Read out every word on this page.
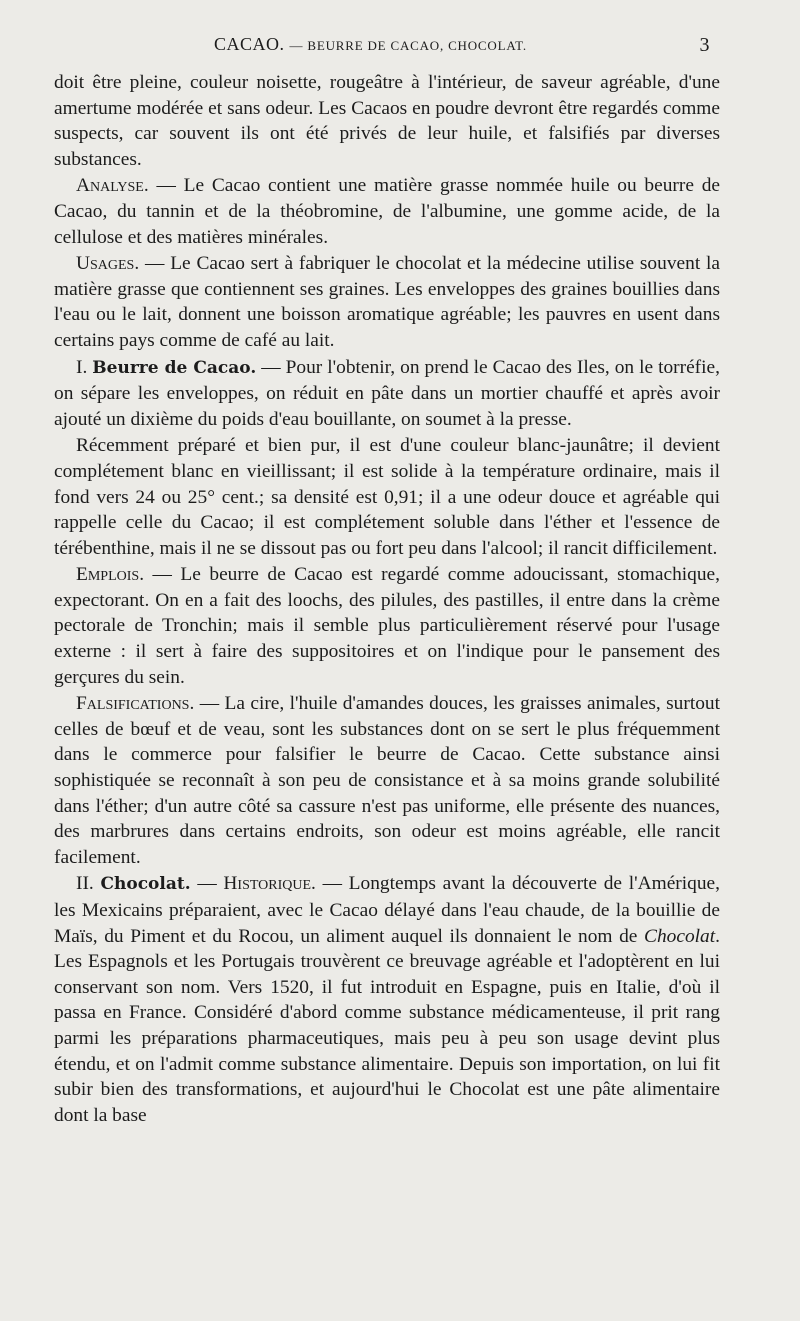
CACAO. — BEURRE DE CACAO, CHOCOLAT.	3

doit être pleine, couleur noisette, rougeâtre à l'intérieur, de saveur agréable, d'une amertume modérée et sans odeur. Les Cacaos en poudre devront être regardés comme suspects, car souvent ils ont été privés de leur huile, et falsifiés par diverses substances.

Analyse. — Le Cacao contient une matière grasse nommée huile ou beurre de Cacao, du tannin et de la théobromine, de l'albumine, une gomme acide, de la cellulose et des matières minérales.

Usages. — Le Cacao sert à fabriquer le chocolat et la médecine utilise souvent la matière grasse que contiennent ses graines. Les enveloppes des graines bouillies dans l'eau ou le lait, donnent une boisson aromatique agréable; les pauvres en usent dans certains pays comme de café au lait.

I. Beurre de Cacao. — Pour l'obtenir, on prend le Cacao des Iles, on le torréfie, on sépare les enveloppes, on réduit en pâte dans un mortier chauffé et après avoir ajouté un dixième du poids d'eau bouillante, on soumet à la presse.

Récemment préparé et bien pur, il est d'une couleur blanc-jaunâtre; il devient complétement blanc en vieillissant; il est solide à la température ordinaire, mais il fond vers 24 ou 25° cent.; sa densité est 0,91; il a une odeur douce et agréable qui rappelle celle du Cacao; il est complétement soluble dans l'éther et l'essence de térébenthine, mais il ne se dissout pas ou fort peu dans l'alcool; il rancit difficilement.

Emplois. — Le beurre de Cacao est regardé comme adoucissant, stomachique, expectorant. On en a fait des loochs, des pilules, des pastilles, il entre dans la crème pectorale de Tronchin; mais il semble plus particulièrement réservé pour l'usage externe : il sert à faire des suppositoires et on l'indique pour le pansement des gerçures du sein.

Falsifications. — La cire, l'huile d'amandes douces, les graisses animales, surtout celles de bœuf et de veau, sont les substances dont on se sert le plus fréquemment dans le commerce pour falsifier le beurre de Cacao. Cette substance ainsi sophistiquée se reconnaît à son peu de consistance et à sa moins grande solubilité dans l'éther; d'un autre côté sa cassure n'est pas uniforme, elle présente des nuances, des marbrures dans certains endroits, son odeur est moins agréable, elle rancit facilement.

II. Chocolat. — Historique. — Longtemps avant la découverte de l'Amérique, les Mexicains préparaient, avec le Cacao délayé dans l'eau chaude, de la bouillie de Maïs, du Piment et du Rocou, un aliment auquel ils donnaient le nom de Chocolat. Les Espagnols et les Portugais trouvèrent ce breuvage agréable et l'adoptèrent en lui conservant son nom. Vers 1520, il fut introduit en Espagne, puis en Italie, d'où il passa en France. Considéré d'abord comme substance médicamenteuse, il prit rang parmi les préparations pharmaceutiques, mais peu à peu son usage devint plus étendu, et on l'admit comme substance alimentaire. Depuis son importation, on lui fit subir bien des transformations, et aujourd'hui le Chocolat est une pâte alimentaire dont la base
